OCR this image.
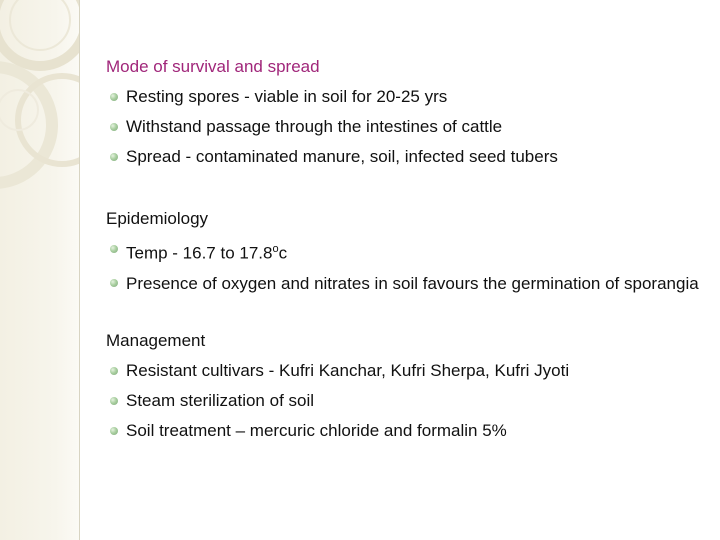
Mode of survival and spread
Resting spores - viable in soil for 20-25 yrs
Withstand passage through the intestines of cattle
Spread - contaminated manure, soil, infected seed tubers
Epidemiology
Temp - 16.7 to 17.8$^o$c
Presence of oxygen and nitrates in soil favours the germination of sporangia
Management
Resistant cultivars - Kufri Kanchar, Kufri Sherpa, Kufri Jyoti
Steam sterilization of soil
Soil treatment – mercuric chloride and formalin 5%
